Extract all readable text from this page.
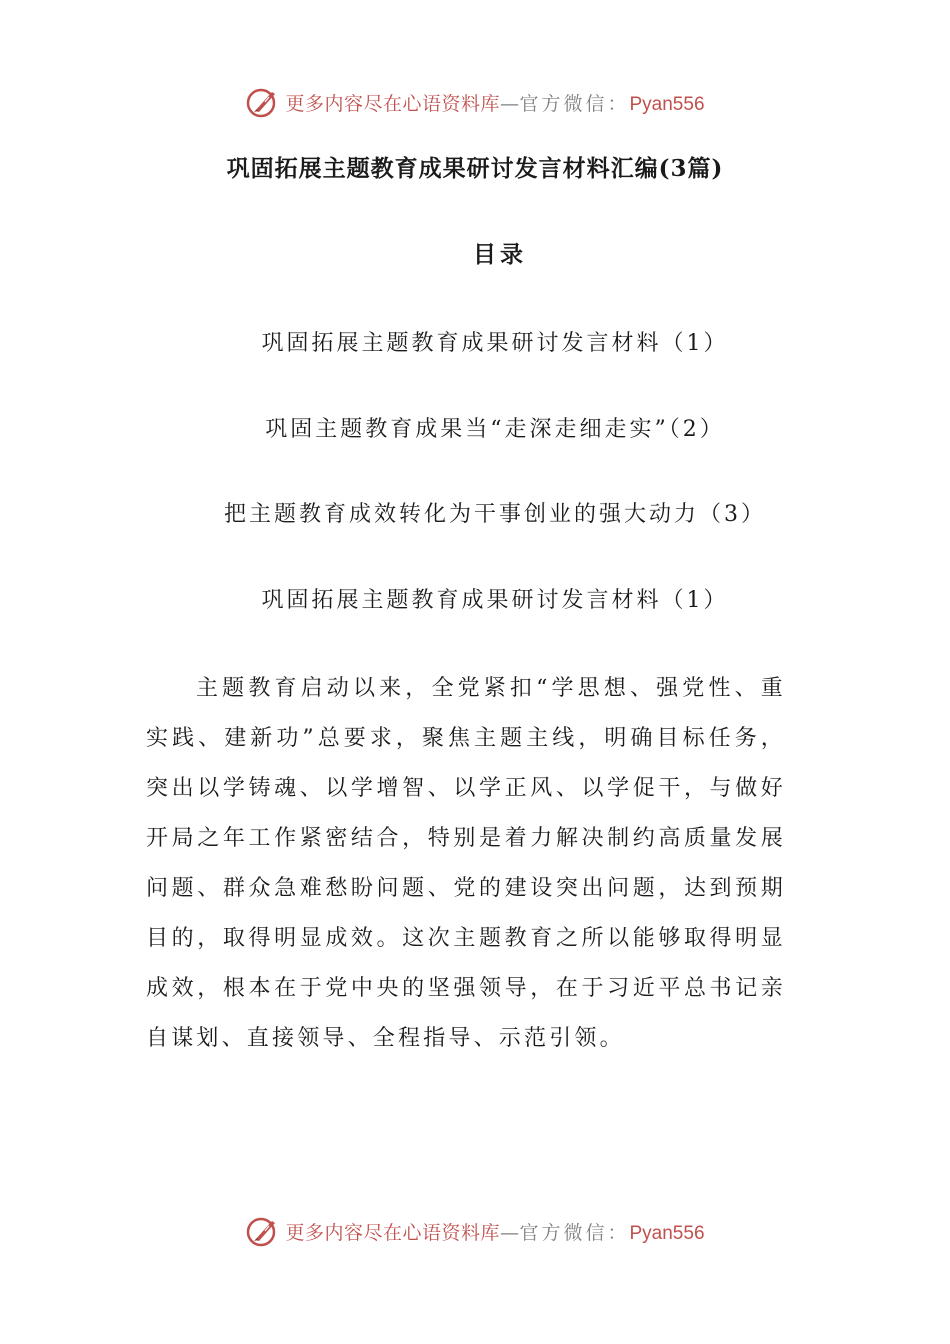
更多内容尽在心语资料库—官方微信：Pyan556
巩固拓展主题教育成果研讨发言材料汇编(3篇)
目录
巩固拓展主题教育成果研讨发言材料（1）
巩固主题教育成果当“走深走细走实”（2）
把主题教育成效转化为干事创业的强大动力（3）
巩固拓展主题教育成果研讨发言材料（1）

主题教育启动以来，全党紧扣“学思想、强党性、重实践、建新功”总要求，聚焦主题主线，明确目标任务，突出以学铸魂、以学增智、以学正风、以学促干，与做好开局之年工作紧密结合，特别是着力解决制约高质量发展问题、群众急难愁盼问题、党的建设突出问题，达到预期目的，取得明显成效。这次主题教育之所以能够取得明显成效，根本在于党中央的坚强领导，在于习近平总书记亲自谋划、直接领导、全程指导、示范引领。

更多内容尽在心语资料库—官方微信：Pyan556
